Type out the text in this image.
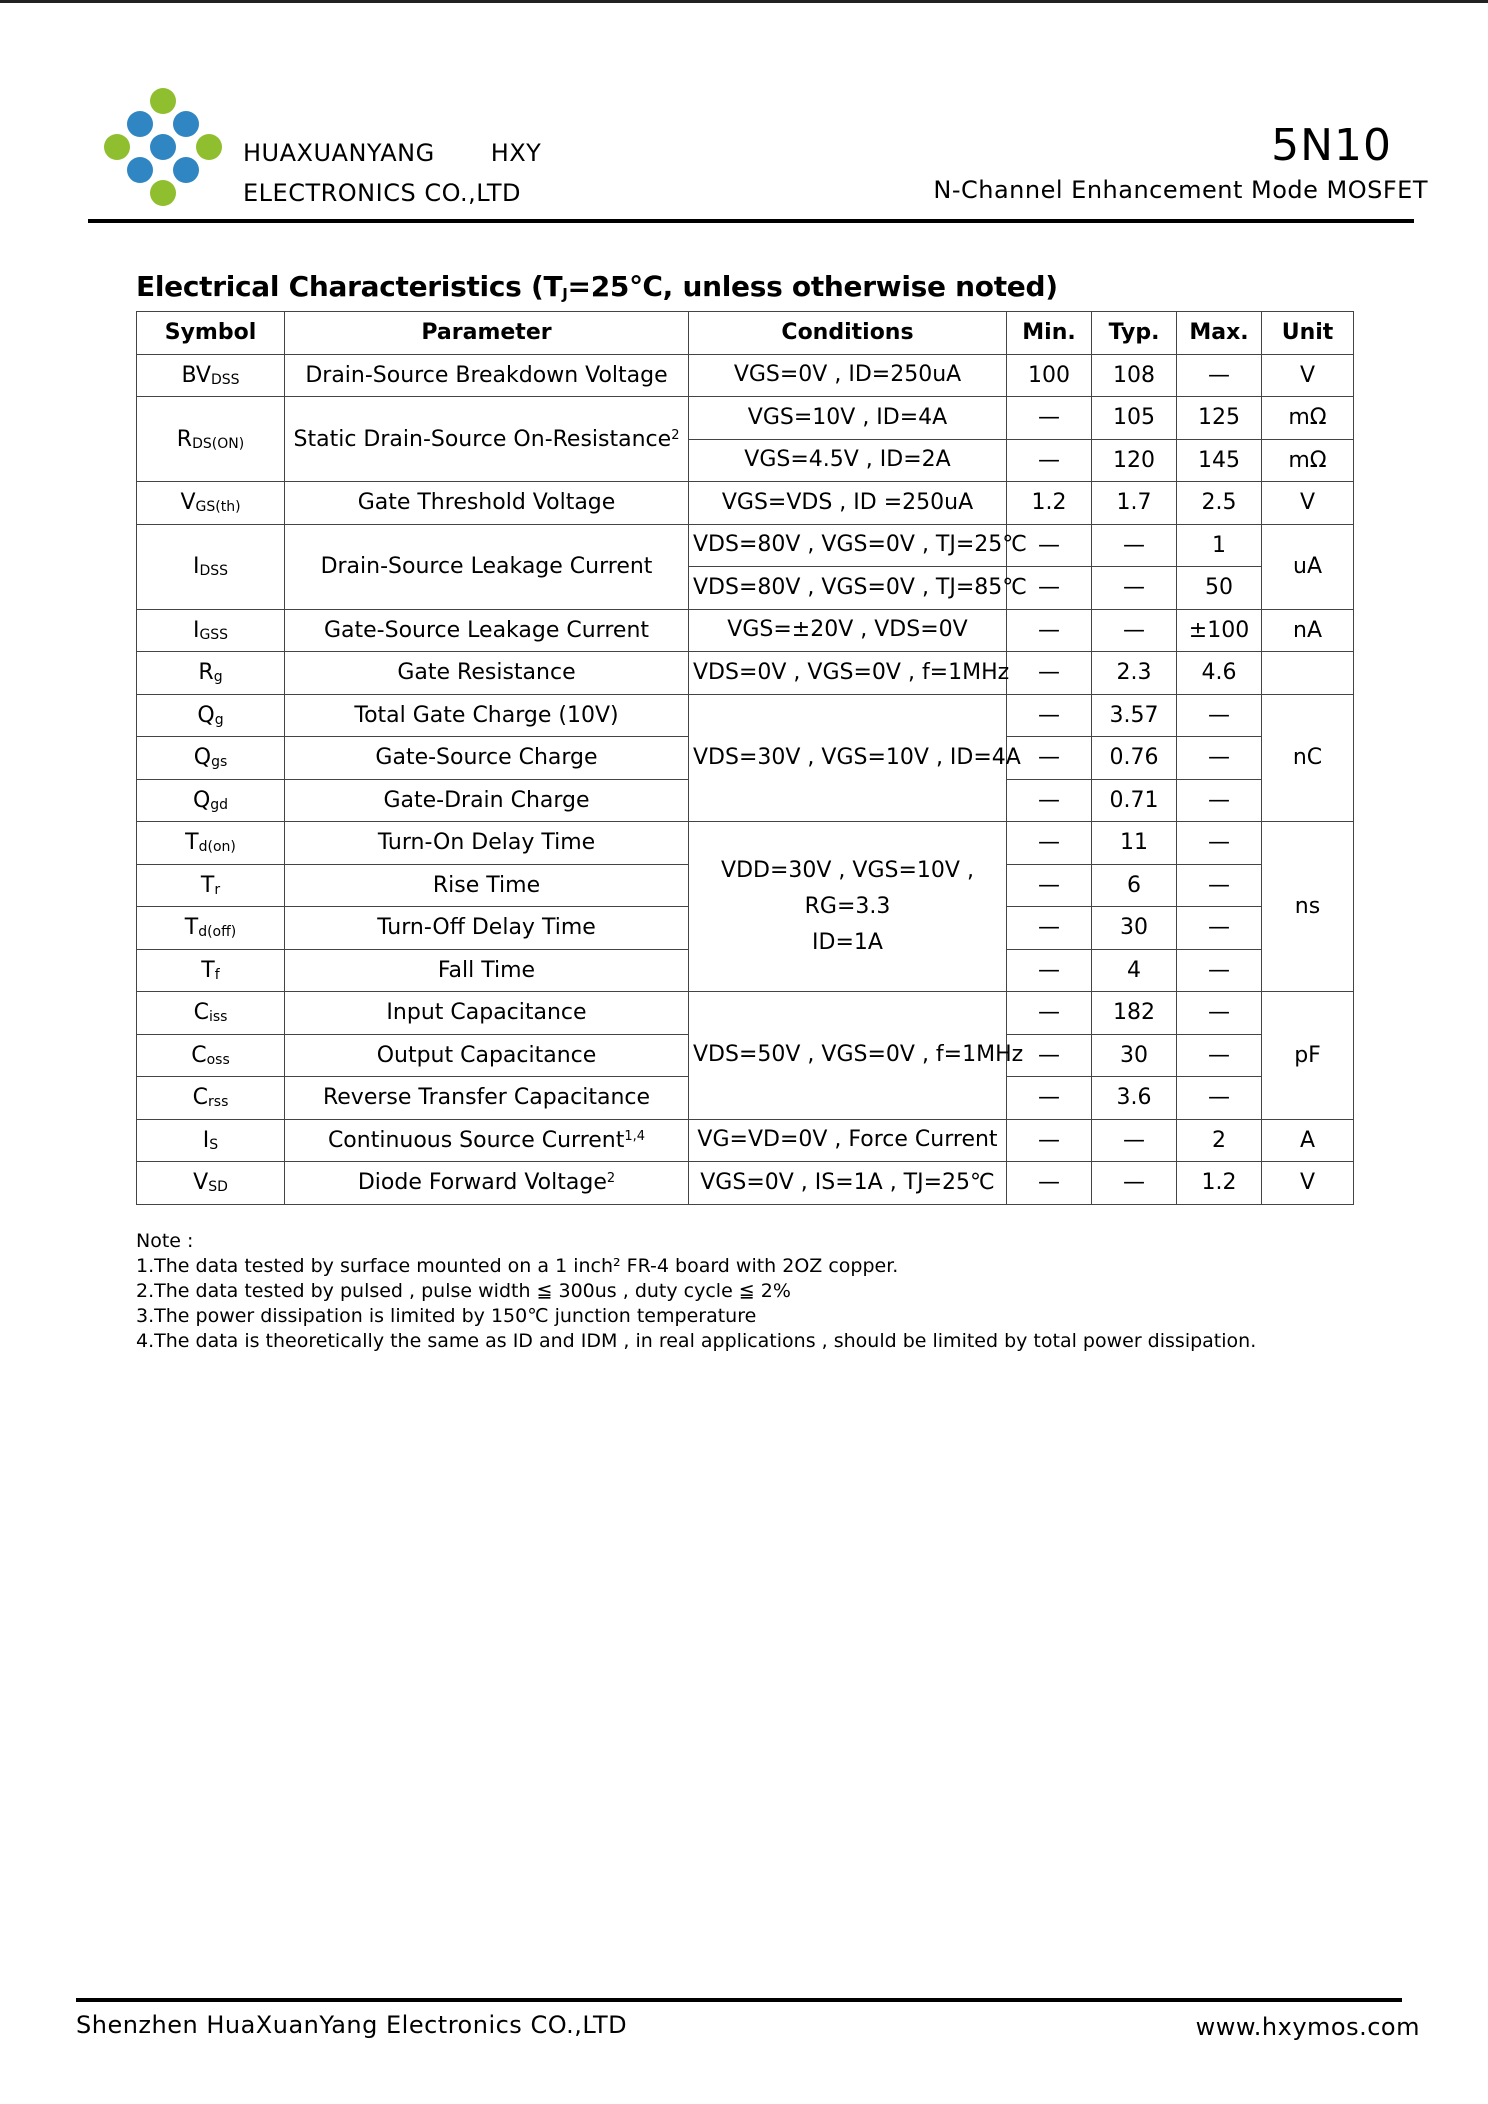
HUAXUANYANG HXY
ELECTRONICS CO.,LTD
5N10
N-Channel Enhancement Mode MOSFET
Electrical Characteristics ($T_J=25℃$, unless otherwise noted)
Symbol	Parameter	Conditions	Min.	Typ.	Max.	Unit
$BV_{DSS}$	Drain-Source Breakdown Voltage	VGS=0V , ID=250uA	100	108	—	V
$R_{DS(ON)}$	Static Drain-Source On-Resistance$^2$	VGS=10V , ID=4A	—	105	125	mΩ
		VGS=4.5V , ID=2A	—	120	145	mΩ
$V_{GS(th)}$	Gate Threshold Voltage	VGS=VDS , ID =250uA	1.2	1.7	2.5	V
$I_{DSS}$	Drain-Source Leakage Current	VDS=80V , VGS=0V , TJ=25℃	—	—	1	uA
		VDS=80V , VGS=0V , TJ=85℃	—	—	50	
$I_{GSS}$	Gate-Source Leakage Current	VGS=±20V , VDS=0V	—	—	±100	nA
$R_g$	Gate Resistance	VDS=0V , VGS=0V , f=1MHz	—	2.3	4.6	
$Q_g$	Total Gate Charge (10V)	VDS=30V , VGS=10V , ID=4A	—	3.57	—	nC
$Q_{gs}$	Gate-Source Charge		—	0.76	—	
$Q_{gd}$	Gate-Drain Charge		—	0.71	—	
$T_{d(on)}$	Turn-On Delay Time	VDD=30V , VGS=10V ,
RG=3.3
ID=1A	—	11	—	ns
$T_r$	Rise Time		—	6	—	
$T_{d(off)}$	Turn-Off Delay Time		—	30	—	
$T_f$	Fall Time		—	4	—	
$C_{iss}$	Input Capacitance	VDS=50V , VGS=0V , f=1MHz	—	182	—	pF
$C_{oss}$	Output Capacitance		—	30	—	
$C_{rss}$	Reverse Transfer Capacitance		—	3.6	—	
$I_S$	Continuous Source Current$^{1,4}$	VG=VD=0V , Force Current	—	—	2	A
$V_{SD}$	Diode Forward Voltage$^2$	VGS=0V , IS=1A , TJ=25℃	—	—	1.2	V
Note :
1.The data tested by surface mounted on a 1 inch² FR-4 board with 2OZ copper.
2.The data tested by pulsed , pulse width ≦ 300us , duty cycle ≦ 2%
3.The power dissipation is limited by 150℃ junction temperature
4.The data is theoretically the same as ID and IDM , in real applications , should be limited by total power dissipation.
Shenzhen HuaXuanYang Electronics CO.,LTD	www.hxymos.com
